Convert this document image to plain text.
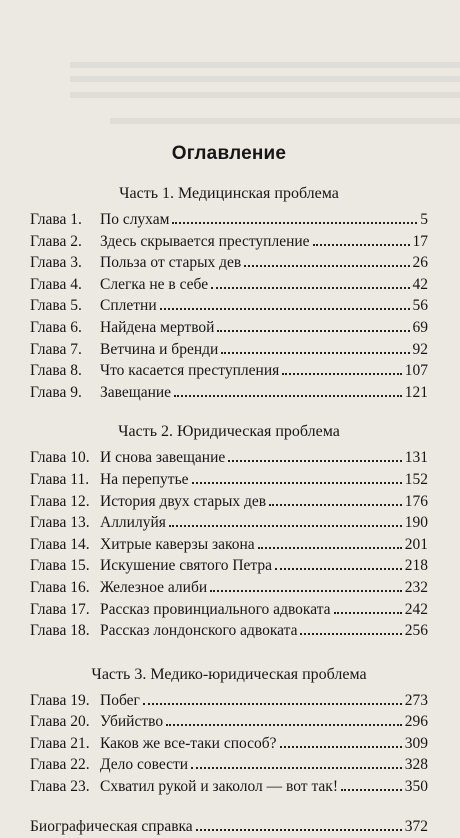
Оглавление
Часть 1. Медицинская проблема
Глава 1.	По слухам	5
Глава 2.	Здесь скрывается преступление	17
Глава 3.	Польза от старых дев	26
Глава 4.	Слегка не в себе	42
Глава 5.	Сплетни	56
Глава 6.	Найдена мертвой	69
Глава 7.	Ветчина и бренди	92
Глава 8.	Что касается преступления	107
Глава 9.	Завещание	121
Часть 2. Юридическая проблема
Глава 10. И снова завещание	131
Глава 11. На перепутье	152
Глава 12. История двух старых дев	176
Глава 13. Аллилуйя	190
Глава 14. Хитрые каверзы закона	201
Глава 15. Искушение святого Петра	218
Глава 16. Железное алиби	232
Глава 17. Рассказ провинциального адвоката	242
Глава 18. Рассказ лондонского адвоката	256
Часть 3. Медико-юридическая проблема
Глава 19. Побег	273
Глава 20. Убийство	296
Глава 21. Каков же все-таки способ?	309
Глава 22. Дело совести	328
Глава 23. Схватил рукой и заколол — вот так!	350
Биографическая справка	372
